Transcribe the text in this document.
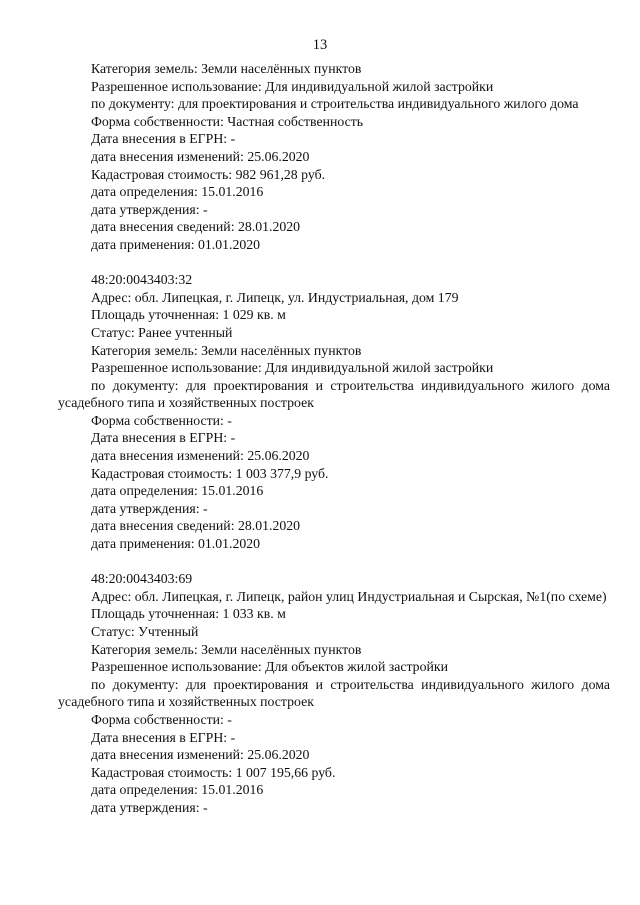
13
Категория земель: Земли населённых пунктов
Разрешенное использование: Для индивидуальной жилой застройки
по документу: для проектирования и строительства индивидуального жилого дома
Форма собственности: Частная собственность
Дата внесения в ЕГРН: -
дата внесения изменений: 25.06.2020
Кадастровая стоимость: 982 961,28 руб.
дата определения: 15.01.2016
дата утверждения: -
дата внесения сведений: 28.01.2020
дата применения: 01.01.2020
48:20:0043403:32
Адрес: обл. Липецкая, г. Липецк, ул. Индустриальная, дом 179
Площадь уточненная: 1 029 кв. м
Статус: Ранее учтенный
Категория земель: Земли населённых пунктов
Разрешенное использование: Для индивидуальной жилой застройки
по документу: для проектирования и строительства индивидуального жилого дома усадебного типа и хозяйственных построек
Форма собственности: -
Дата внесения в ЕГРН: -
дата внесения изменений: 25.06.2020
Кадастровая стоимость: 1 003 377,9 руб.
дата определения: 15.01.2016
дата утверждения: -
дата внесения сведений: 28.01.2020
дата применения: 01.01.2020
48:20:0043403:69
Адрес: обл. Липецкая, г. Липецк, район улиц Индустриальная и Сырская, №1(по схеме)
Площадь уточненная: 1 033 кв. м
Статус: Учтенный
Категория земель: Земли населённых пунктов
Разрешенное использование: Для объектов жилой застройки
по документу: для проектирования и строительства индивидуального жилого дома усадебного типа и хозяйственных построек
Форма собственности: -
Дата внесения в ЕГРН: -
дата внесения изменений: 25.06.2020
Кадастровая стоимость: 1 007 195,66 руб.
дата определения: 15.01.2016
дата утверждения: -
